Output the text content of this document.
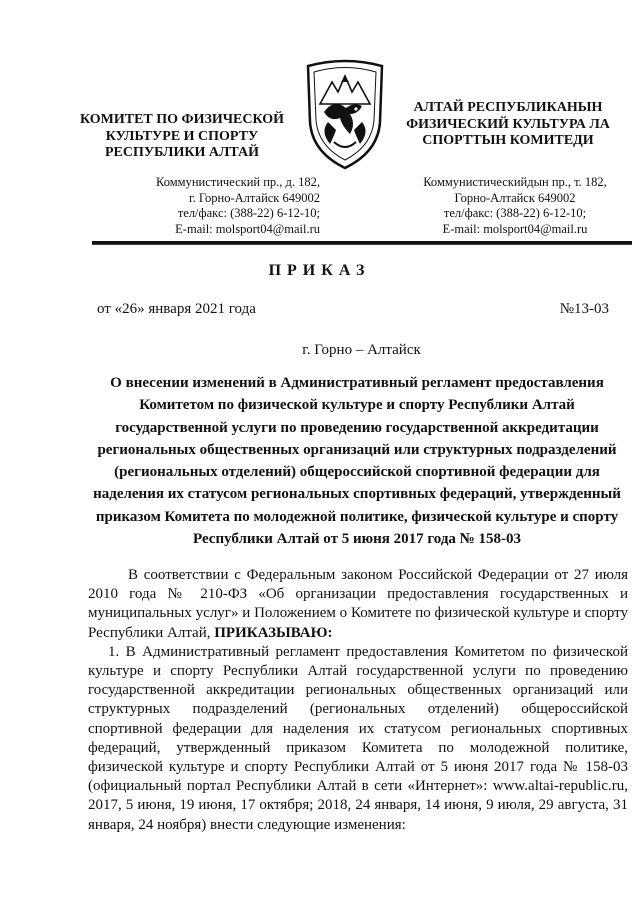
КОМИТЕТ ПО ФИЗИЧЕСКОЙ КУЛЬТУРЕ И СПОРТУ РЕСПУБЛИКИ АЛТАЙ
АЛТАЙ РЕСПУБЛИКАНЫН ФИЗИЧЕСКИЙ КУЛЬТУРА ЛА СПОРТТЫН КОМИТЕДИ
Коммунистический пр., д. 182,
г. Горно-Алтайск 649002
тел/факс: (388-22) 6-12-10;
E-mail: molsport04@mail.ru
Коммунистическийдын пр., т. 182,
Горно-Алтайск 649002
тел/факс: (388-22) 6-12-10;
E-mail: molsport04@mail.ru
ПРИКАЗ
от «26» января 2021 года	№13-03
г. Горно – Алтайск
О внесении изменений в Административный регламент предоставления Комитетом по физической культуре и спорту Республики Алтай государственной услуги по проведению государственной аккредитации региональных общественных организаций или структурных подразделений (региональных отделений) общероссийской спортивной федерации для наделения их статусом региональных спортивных федераций, утвержденный приказом Комитета по молодежной политике, физической культуре и спорту Республики Алтай от 5 июня 2017 года № 158-03

В соответствии с Федеральным законом Российской Федерации от 27 июля 2010 года № 210-ФЗ «Об организации предоставления государственных и муниципальных услуг» и Положением о Комитете по физической культуре и спорту Республики Алтай, ПРИКАЗЫВАЮ:

1. В Административный регламент предоставления Комитетом по физической культуре и спорту Республики Алтай государственной услуги по проведению государственной аккредитации региональных общественных организаций или структурных подразделений (региональных отделений) общероссийской спортивной федерации для наделения их статусом региональных спортивных федераций, утвержденный приказом Комитета по молодежной политике, физической культуре и спорту Республики Алтай от 5 июня 2017 года № 158-03 (официальный портал Республики Алтай в сети «Интернет»: www.altai-republic.ru, 2017, 5 июня, 19 июня, 17 октября; 2018, 24 января, 14 июня, 9 июля, 29 августа, 31 января, 24 ноября) внести следующие изменения:
